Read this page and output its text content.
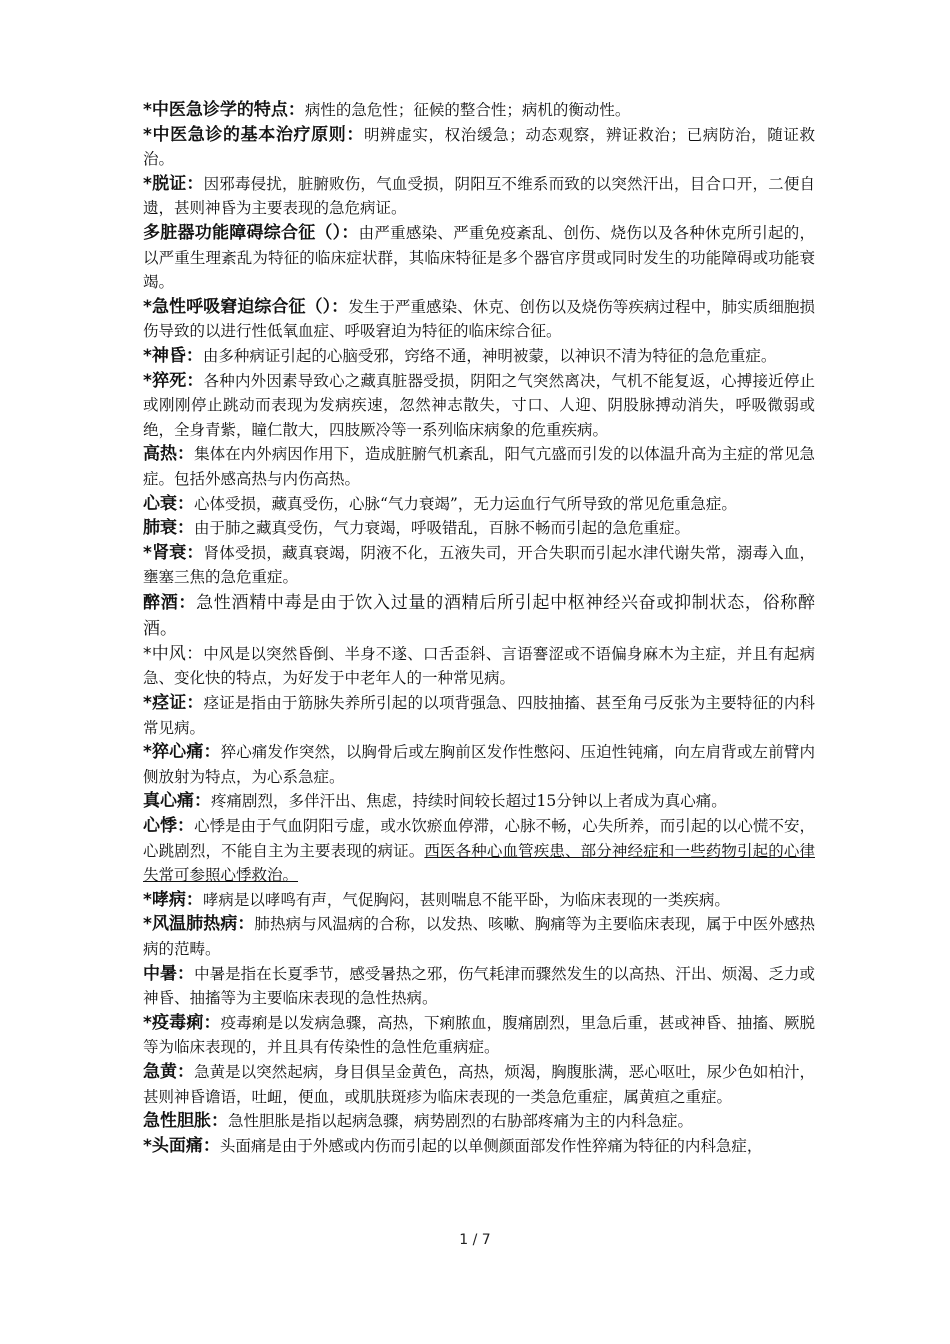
*中医急诊学的特点：病性的急危性；征候的整合性；病机的衡动性。

*中医急诊的基本治疗原则：明辨虚实，权治缓急；动态观察，辨证救治；已病防治，随证救治。

*脱证：因邪毒侵扰，脏腑败伤，气血受损，阴阳互不维系而致的以突然汗出，目合口开，二便自遗，甚则神昏为主要表现的急危病证。

多脏器功能障碍综合征（）：由严重感染、严重免疫紊乱、创伤、烧伤以及各种休克所引起的，以严重生理紊乱为特征的临床症状群，其临床特征是多个器官序贯或同时发生的功能障碍或功能衰竭。

*急性呼吸窘迫综合征（）：发生于严重感染、休克、创伤以及烧伤等疾病过程中，肺实质细胞损伤导致的以进行性低氧血症、呼吸窘迫为特征的临床综合征。

*神昏：由多种病证引起的心脑受邪，窍络不通，神明被蒙，以神识不清为特征的急危重症。

*猝死：各种内外因素导致心之藏真脏器受损，阴阳之气突然离决，气机不能复返，心搏接近停止或刚刚停止跳动而表现为发病疾速，忽然神志散失，寸口、人迎、阴股脉搏动消失，呼吸微弱或绝，全身青紫，瞳仁散大，四肢厥冷等一系列临床病象的危重疾病。

高热：集体在内外病因作用下，造成脏腑气机紊乱，阳气亢盛而引发的以体温升高为主症的常见急症。包括外感高热与内伤高热。

心衰：心体受损，藏真受伤，心脉“气力衰竭”，无力运血行气所导致的常见危重急症。

肺衰：由于肺之藏真受伤，气力衰竭，呼吸错乱，百脉不畅而引起的急危重症。

*肾衰：肾体受损，藏真衰竭，阴液不化，五液失司，开合失职而引起水津代谢失常，溺毒入血，壅塞三焦的急危重症。

醉酒：急性酒精中毒是由于饮入过量的酒精后所引起中枢神经兴奋或抑制状态，俗称醉酒。

*中风：中风是以突然昏倒、半身不遂、口舌歪斜、言语謇涩或不语偏身麻木为主症，并且有起病急、变化快的特点，为好发于中老年人的一种常见病。

*痉证：痉证是指由于筋脉失养所引起的以项背强急、四肢抽搐、甚至角弓反张为主要特征的内科常见病。

*猝心痛：猝心痛发作突然，以胸骨后或左胸前区发作性憋闷、压迫性钝痛，向左肩背或左前臂内侧放射为特点，为心系急症。

真心痛：疼痛剧烈，多伴汗出、焦虑，持续时间较长超过15分钟以上者成为真心痛。

心悸：心悸是由于气血阴阳亏虚，或水饮瘀血停滞，心脉不畅，心失所养，而引起的以心慌不安，心跳剧烈，不能自主为主要表现的病证。西医各种心血管疾患、部分神经症和一些药物引起的心律失常可参照心悸救治。

*哮病：哮病是以哮鸣有声，气促胸闷，甚则喘息不能平卧，为临床表现的一类疾病。

*风温肺热病：肺热病与风温病的合称，以发热、咳嗽、胸痛等为主要临床表现，属于中医外感热病的范畴。

中暑：中暑是指在长夏季节，感受暑热之邪，伤气耗津而骤然发生的以高热、汗出、烦渴、乏力或神昏、抽搐等为主要临床表现的急性热病。

*疫毒痢：疫毒痢是以发病急骤，高热，下痢脓血，腹痛剧烈，里急后重，甚或神昏、抽搐、厥脱等为临床表现的，并且具有传染性的急性危重病症。

急黄：急黄是以突然起病，身目俱呈金黄色，高热，烦渴，胸腹胀满，恶心呕吐，尿少色如柏汁，甚则神昏谵语，吐衄，便血，或肌肤斑疹为临床表现的一类急危重症，属黄疸之重症。

急性胆胀：急性胆胀是指以起病急骤，病势剧烈的右胁部疼痛为主的内科急症。

*头面痛：头面痛是由于外感或内伤而引起的以单侧颜面部发作性猝痛为特征的内科急症，

1 / 7
